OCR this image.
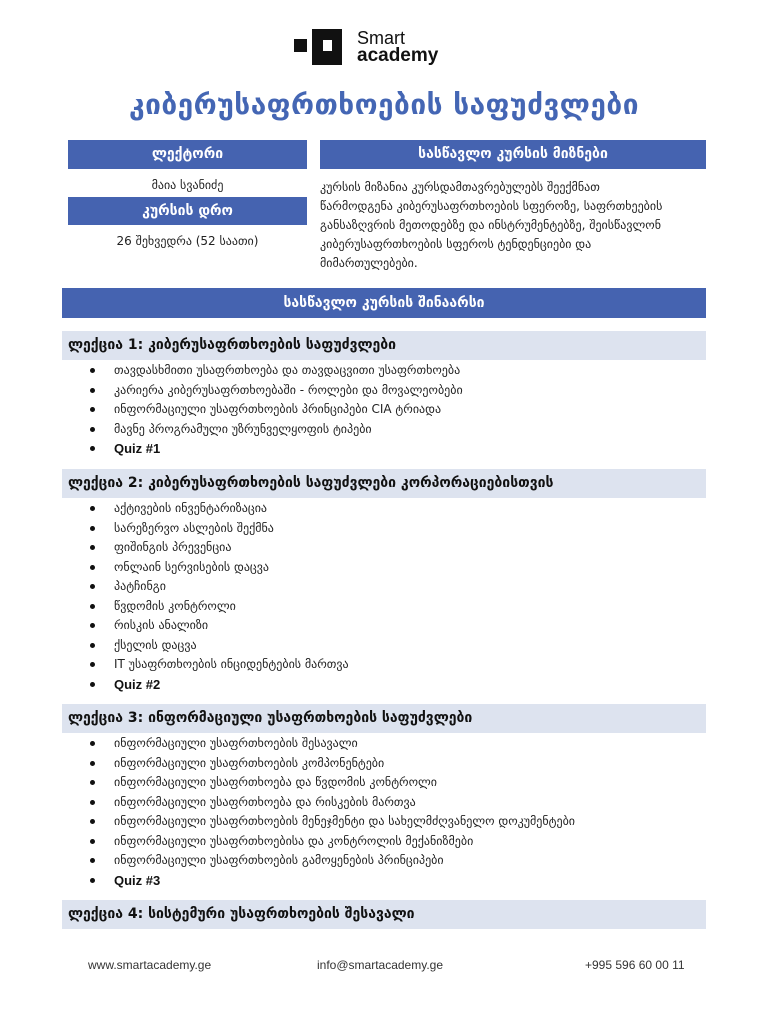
Smart
academy
კიბერუსაფრთხოების საფუძვლები
ლექტორი
მაია სვანიძე
კურსის დრო
26 შეხვედრა (52 საათი)
სასწავლო კურსის მიზნები
კურსის მიზანია კურსდამთავრებულებს შეექმნათ
წარმოდგენა კიბერუსაფრთხოების სფეროზე, საფრთხეების
განსაზღვრის მეთოდებზე და ინსტრუმენტებზე, შეისწავლონ
კიბერუსაფრთხოების სფეროს ტენდენციები და
მიმართულებები.
სასწავლო კურსის შინაარსი
ლექცია 1: კიბერუსაფრთხოების საფუძვლები
თავდასხმითი უსაფრთხოება და თავდაცვითი უსაფრთხოება
კარიერა კიბერუსაფრთხოებაში - როლები და მოვალეობები
ინფორმაციული უსაფრთხოების პრინციპები CIA ტრიადა
მავნე პროგრამული უზრუნველყოფის ტიპები
Quiz #1
ლექცია 2: კიბერუსაფრთხოების საფუძვლები კორპორაციებისთვის
აქტივების ინვენტარიზაცია
სარეზერვო ასლების შექმნა
ფიშინგის პრევენცია
ონლაინ სერვისების დაცვა
პატჩინგი
წვდომის კონტროლი
რისკის ანალიზი
ქსელის დაცვა
IT უსაფრთხოების ინციდენტების მართვა
Quiz #2
ლექცია 3: ინფორმაციული უსაფრთხოების საფუძვლები
ინფორმაციული უსაფრთხოების შესავალი
ინფორმაციული უსაფრთხოების კომპონენტები
ინფორმაციული უსაფრთხოება და წვდომის კონტროლი
ინფორმაციული უსაფრთხოება და რისკების მართვა
ინფორმაციული უსაფრთხოების მენეჯმენტი და სახელმძღვანელო დოკუმენტები
ინფორმაციული უსაფრთხოებისა და კონტროლის მექანიზმები
ინფორმაციული უსაფრთხოების გამოყენების პრინციპები
Quiz #3
ლექცია 4: სისტემური უსაფრთხოების შესავალი
www.smartacademy.ge	info@smartacademy.ge	+995 596 60 00 11
